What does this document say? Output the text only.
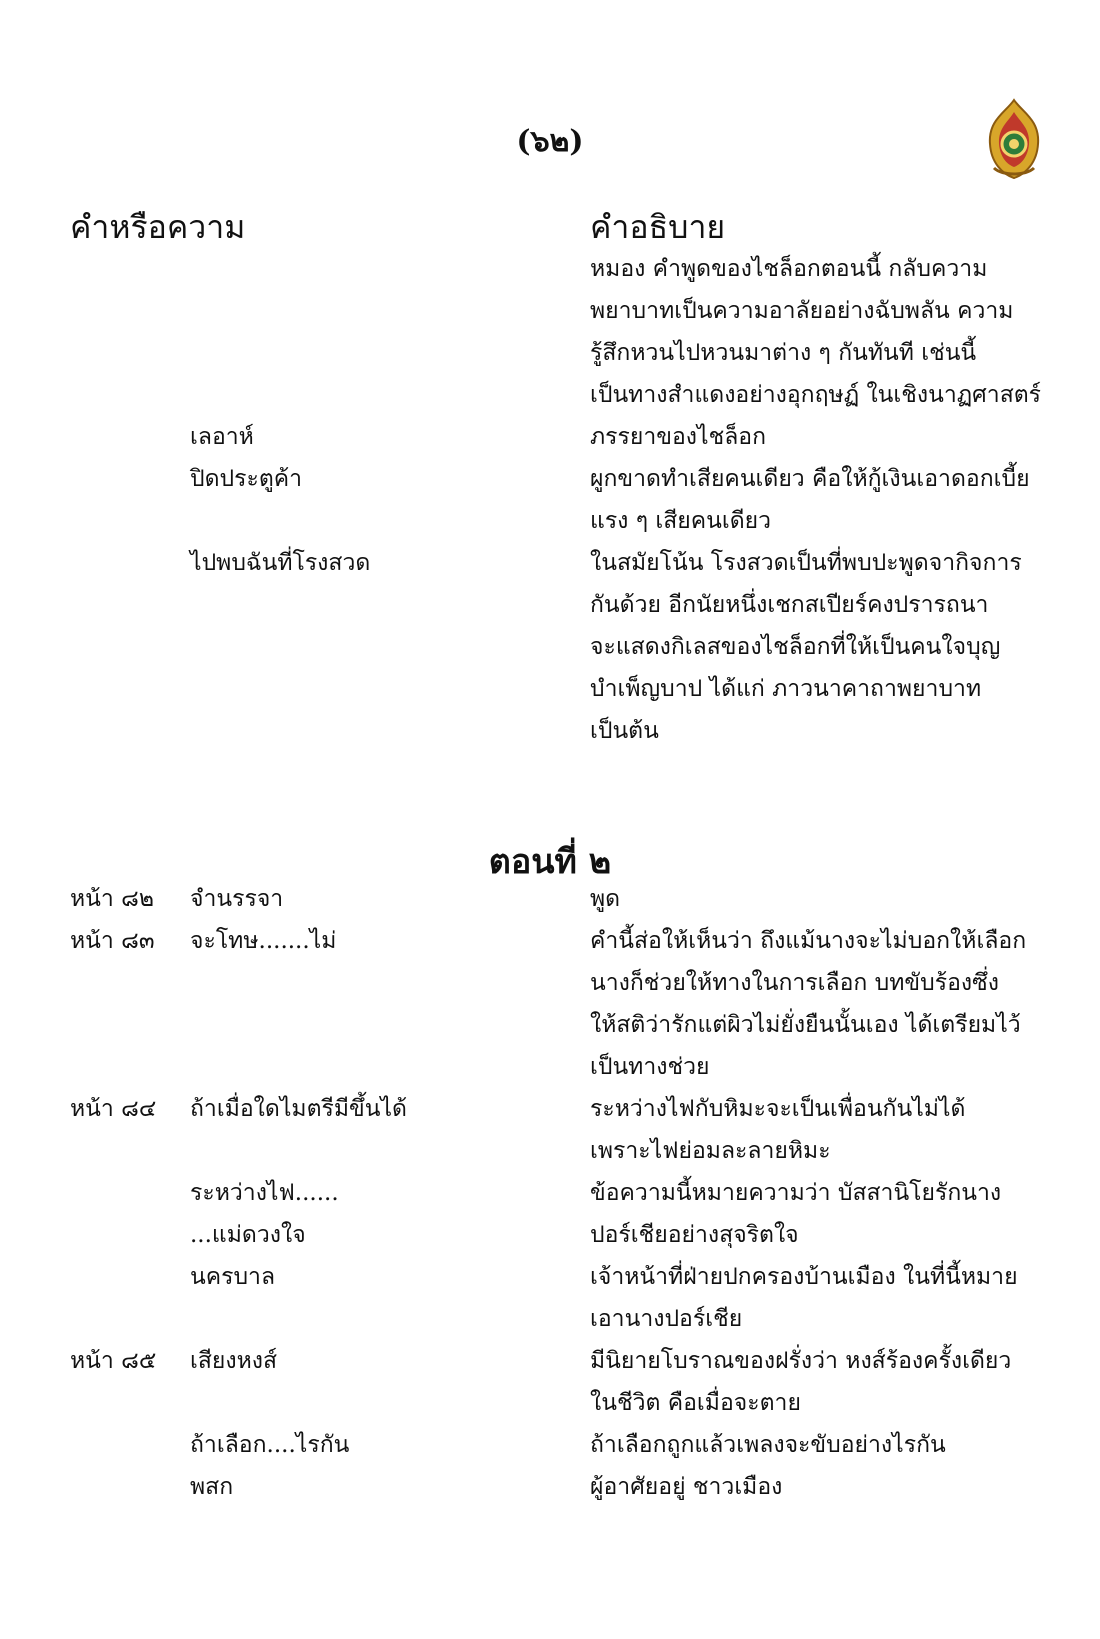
(๖๒)
คำหรือความ	คำอธิบาย
หมอง คำพูดของไชล็อกตอนนี้ กลับความ
พยาบาทเป็นความอาลัยอย่างฉับพลัน ความ
รู้สึกหวนไปหวนมาต่าง ๆ กันทันที เช่นนี้
เป็นทางสำแดงอย่างอุกฤษฏ์ ในเชิงนาฏศาสตร์
เลอาห์	ภรรยาของไชล็อก
ปิดประตูค้า	ผูกขาดทำเสียคนเดียว คือให้กู้เงินเอาดอกเบี้ย
แรง ๆ เสียคนเดียว
ไปพบฉันที่โรงสวด	ในสมัยโน้น โรงสวดเป็นที่พบปะพูดจากิจการ
กันด้วย อีกนัยหนึ่งเชกสเปียร์คงปรารถนา
จะแสดงกิเลสของไชล็อกที่ให้เป็นคนใจบุญ
บำเพ็ญบาป ได้แก่ ภาวนาคาถาพยาบาท
เป็นต้น
ตอนที่ ๒
หน้า ๘๒ จำนรรจา	พูด
หน้า ๘๓ จะโทษ.......ไม่	คำนี้ส่อให้เห็นว่า ถึงแม้นางจะไม่บอกให้เลือก
นางก็ช่วยให้ทางในการเลือก บทขับร้องซึ่ง
ให้สติว่ารักแต่ผิวไม่ยั่งยืนนั้นเอง ได้เตรียมไว้
เป็นทางช่วย
หน้า ๘๔ ถ้าเมื่อใดไมตรีมีขึ้นได้	ระหว่างไฟกับหิมะจะเป็นเพื่อนกันไม่ได้
เพราะไฟย่อมละลายหิมะ
ระหว่างไฟ......	ข้อความนี้หมายความว่า บัสสานิโยรักนาง
...แม่ดวงใจ	ปอร์เชียอย่างสุจริตใจ
นครบาล	เจ้าหน้าที่ฝ่ายปกครองบ้านเมือง ในที่นี้หมาย
เอานางปอร์เชีย
หน้า ๘๕ เสียงหงส์	มีนิยายโบราณของฝรั่งว่า หงส์ร้องครั้งเดียว
ในชีวิต คือเมื่อจะตาย
ถ้าเลือก....ไรกัน	ถ้าเลือกถูกแล้วเพลงจะขับอย่างไรกัน
พสก	ผู้อาศัยอยู่ ชาวเมือง
